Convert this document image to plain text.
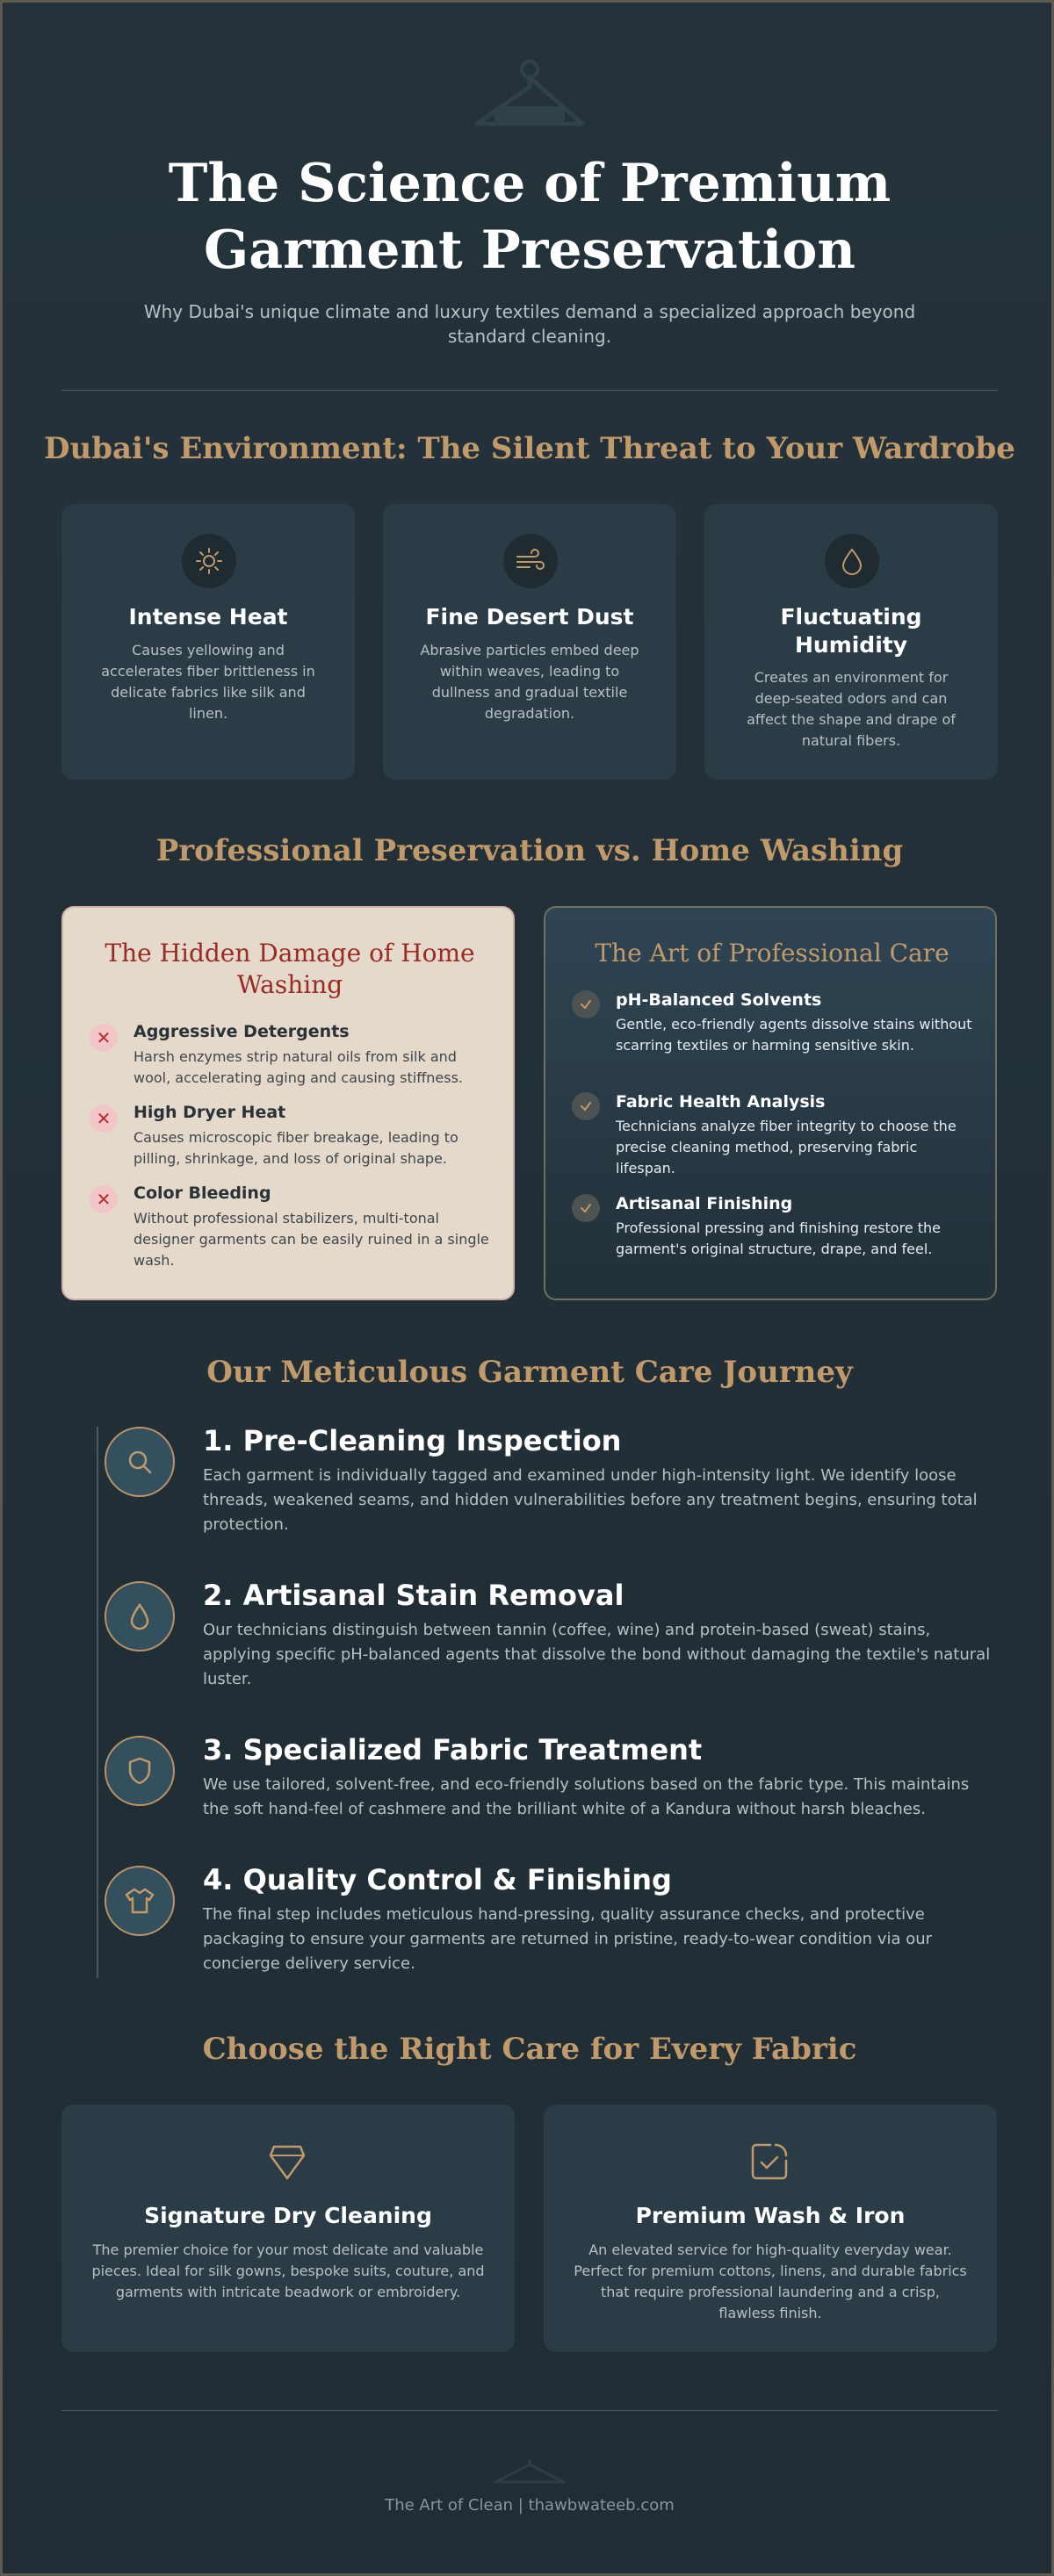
The Science of Premium Garment Preservation

Why Dubai's unique climate and luxury textiles demand a specialized approach beyond standard cleaning.

Dubai's Environment: The Silent Threat to Your Wardrobe
Intense Heat
Causes yellowing and accelerates fiber brittleness in delicate fabrics like silk and linen.
Fine Desert Dust
Abrasive particles embed deep within weaves, leading to dullness and gradual textile degradation.
Fluctuating Humidity
Creates an environment for deep-seated odors and can affect the shape and drape of natural fibers.
Professional Preservation vs. Home Washing
The Hidden Damage of Home Washing
✕	Aggressive Detergents
Harsh enzymes strip natural oils from silk and wool, accelerating aging and causing stiffness.
✕	High Dryer Heat
Causes microscopic fiber breakage, leading to pilling, shrinkage, and loss of original shape.
✕	Color Bleeding
Without professional stabilizers, multi-tonal designer garments can be easily ruined in a single wash.
The Art of Professional Care
pH-Balanced Solvents
Gentle, eco-friendly agents dissolve stains without scarring textiles or harming sensitive skin.
Fabric Health Analysis
Technicians analyze fiber integrity to choose the precise cleaning method, preserving fabric lifespan.
Artisanal Finishing
Professional pressing and finishing restore the garment's original structure, drape, and feel.
Our Meticulous Garment Care Journey
1. Pre-Cleaning Inspection
Each garment is individually tagged and examined under high-intensity light. We identify loose threads, weakened seams, and hidden vulnerabilities before any treatment begins, ensuring total protection.
2. Artisanal Stain Removal
Our technicians distinguish between tannin (coffee, wine) and protein-based (sweat) stains, applying specific pH-balanced agents that dissolve the bond without damaging the textile's natural luster.
3. Specialized Fabric Treatment
We use tailored, solvent-free, and eco-friendly solutions based on the fabric type. This maintains the soft hand-feel of cashmere and the brilliant white of a Kandura without harsh bleaches.
4. Quality Control & Finishing
The final step includes meticulous hand-pressing, quality assurance checks, and protective packaging to ensure your garments are returned in pristine, ready-to-wear condition via our concierge delivery service.
Choose the Right Care for Every Fabric
Signature Dry Cleaning
The premier choice for your most delicate and valuable pieces. Ideal for silk gowns, bespoke suits, couture, and garments with intricate beadwork or embroidery.
Premium Wash & Iron
An elevated service for high-quality everyday wear. Perfect for premium cottons, linens, and durable fabrics that require professional laundering and a crisp, flawless finish.
The Art of Clean | thawbwateeb.com
